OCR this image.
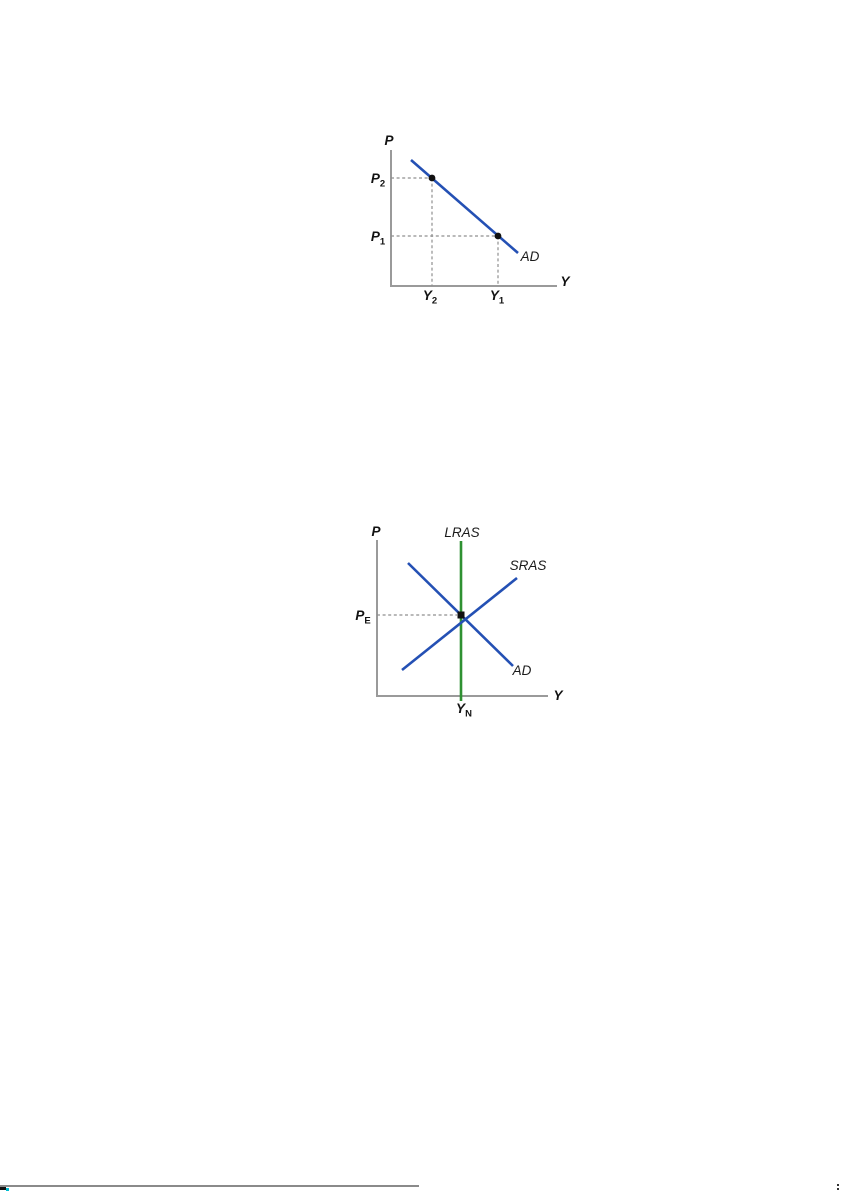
P
Y
$P_2$
$P_1$
$Y_2$	$Y_1$
AD
P
Y
LRAS
SRAS
AD
$P_E$
$Y_N$
